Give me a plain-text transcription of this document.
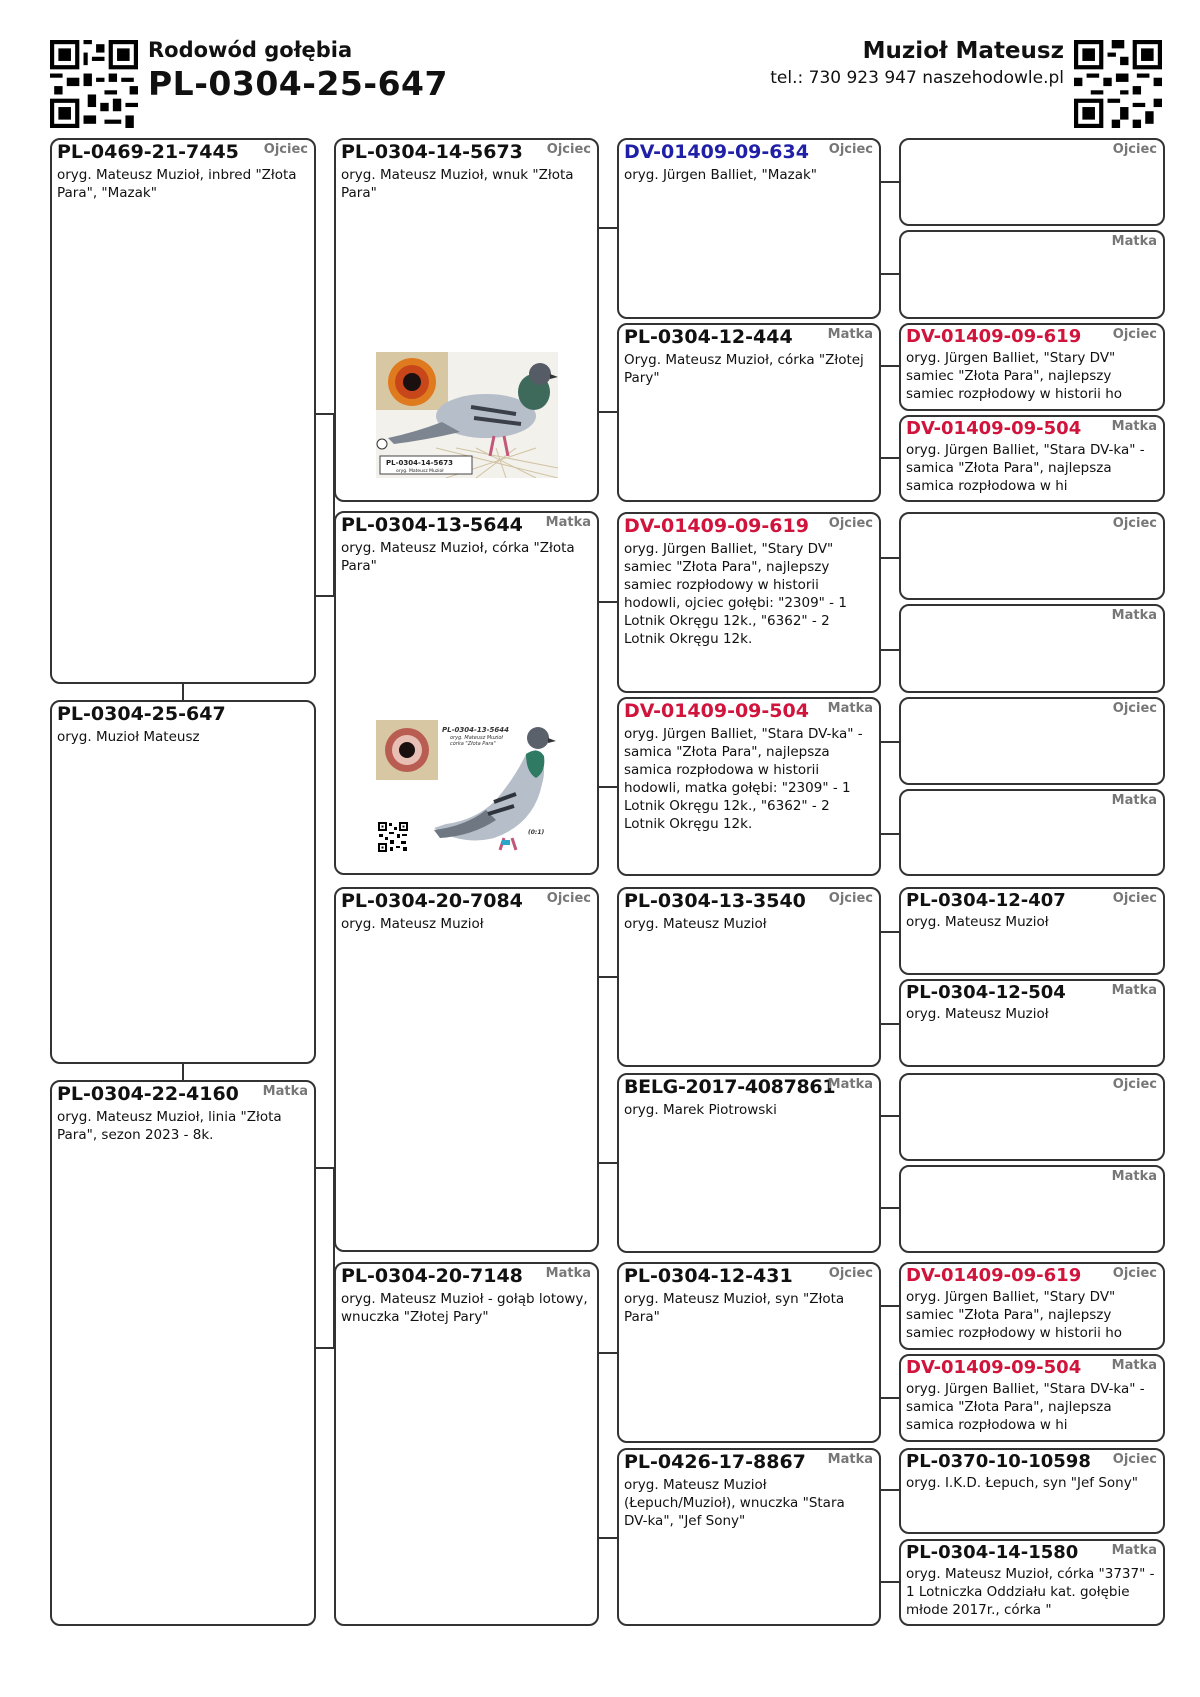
Rodowód gołębia
PL-0304-25-647
Muzioł Mateusz
tel.: 730 923 947 naszehodowle.pl
PL-0469-21-7445 Ojciec
oryg. Mateusz Muzioł, inbred "Złota Para", "Mazak"
PL-0304-25-647
oryg. Muzioł Mateusz
PL-0304-22-4160 Matka
oryg. Mateusz Muzioł, linia "Złota Para", sezon 2023 - 8k.
PL-0304-14-5673 Ojciec
oryg. Mateusz Muzioł, wnuk "Złota Para"
PL-0304-14-5673
oryg. Mateusz Muzioł
PL-0304-13-5644 Matka
oryg. Mateusz Muzioł, córka "Złota Para"
PL-0304-13-5644
oryg. Mateusz Muzioł
córka "Złota Para"
(0:1)
PL-0304-20-7084 Ojciec
oryg. Mateusz Muzioł
PL-0304-20-7148 Matka
oryg. Mateusz Muzioł - gołąb lotowy, wnuczka "Złotej Pary"
DV-01409-09-634 Ojciec
oryg. Jürgen Balliet, "Mazak"
PL-0304-12-444	Matka
Oryg. Mateusz Muzioł, córka "Złotej Pary"
DV-01409-09-619 Ojciec
oryg. Jürgen Balliet, "Stary DV" samiec "Złota Para", najlepszy samiec rozpłodowy w historii hodowli, ojciec gołębi: "2309" - 1 Lotnik Okręgu 12k., "6362" - 2 Lotnik Okręgu 12k.
DV-01409-09-504 Matka
oryg. Jürgen Balliet, "Stara DV-ka" - samica "Złota Para", najlepsza samica rozpłodowa w historii hodowli, matka gołębi: "2309" - 1 Lotnik Okręgu 12k., "6362" - 2 Lotnik Okręgu 12k.
PL-0304-13-3540 Ojciec
oryg. Mateusz Muzioł
BELG-2017-4087861
Matka
oryg. Marek Piotrowski
PL-0304-12-431	Ojciec
oryg. Mateusz Muzioł, syn "Złota Para"
PL-0426-17-8867 Matka
oryg. Mateusz Muzioł (Łepuch/Muzioł), wnuczka "Stara DV-ka", "Jef Sony"
Ojciec
Matka
DV-01409-09-619 Ojciec
oryg. Jürgen Balliet, "Stary DV" samiec "Złota Para", najlepszy samiec rozpłodowy w historii ho
DV-01409-09-504 Matka
oryg. Jürgen Balliet, "Stara DV-ka" - samica "Złota Para", najlepsza samica rozpłodowa w hi
Ojciec
Matka
Ojciec
Matka
PL-0304-12-407	Ojciec
oryg. Mateusz Muzioł
PL-0304-12-504	Matka
oryg. Mateusz Muzioł
Ojciec
Matka
DV-01409-09-619 Ojciec
oryg. Jürgen Balliet, "Stary DV" samiec "Złota Para", najlepszy samiec rozpłodowy w historii ho
DV-01409-09-504 Matka
oryg. Jürgen Balliet, "Stara DV-ka" - samica "Złota Para", najlepsza samica rozpłodowa w hi
PL-0370-10-10598 Ojciec
oryg. I.K.D. Łepuch, syn "Jef Sony"
PL-0304-14-1580	Matka
oryg. Mateusz Muzioł, córka "3737" - 1 Lotniczka Oddziału kat. gołębie młode 2017r., córka "
